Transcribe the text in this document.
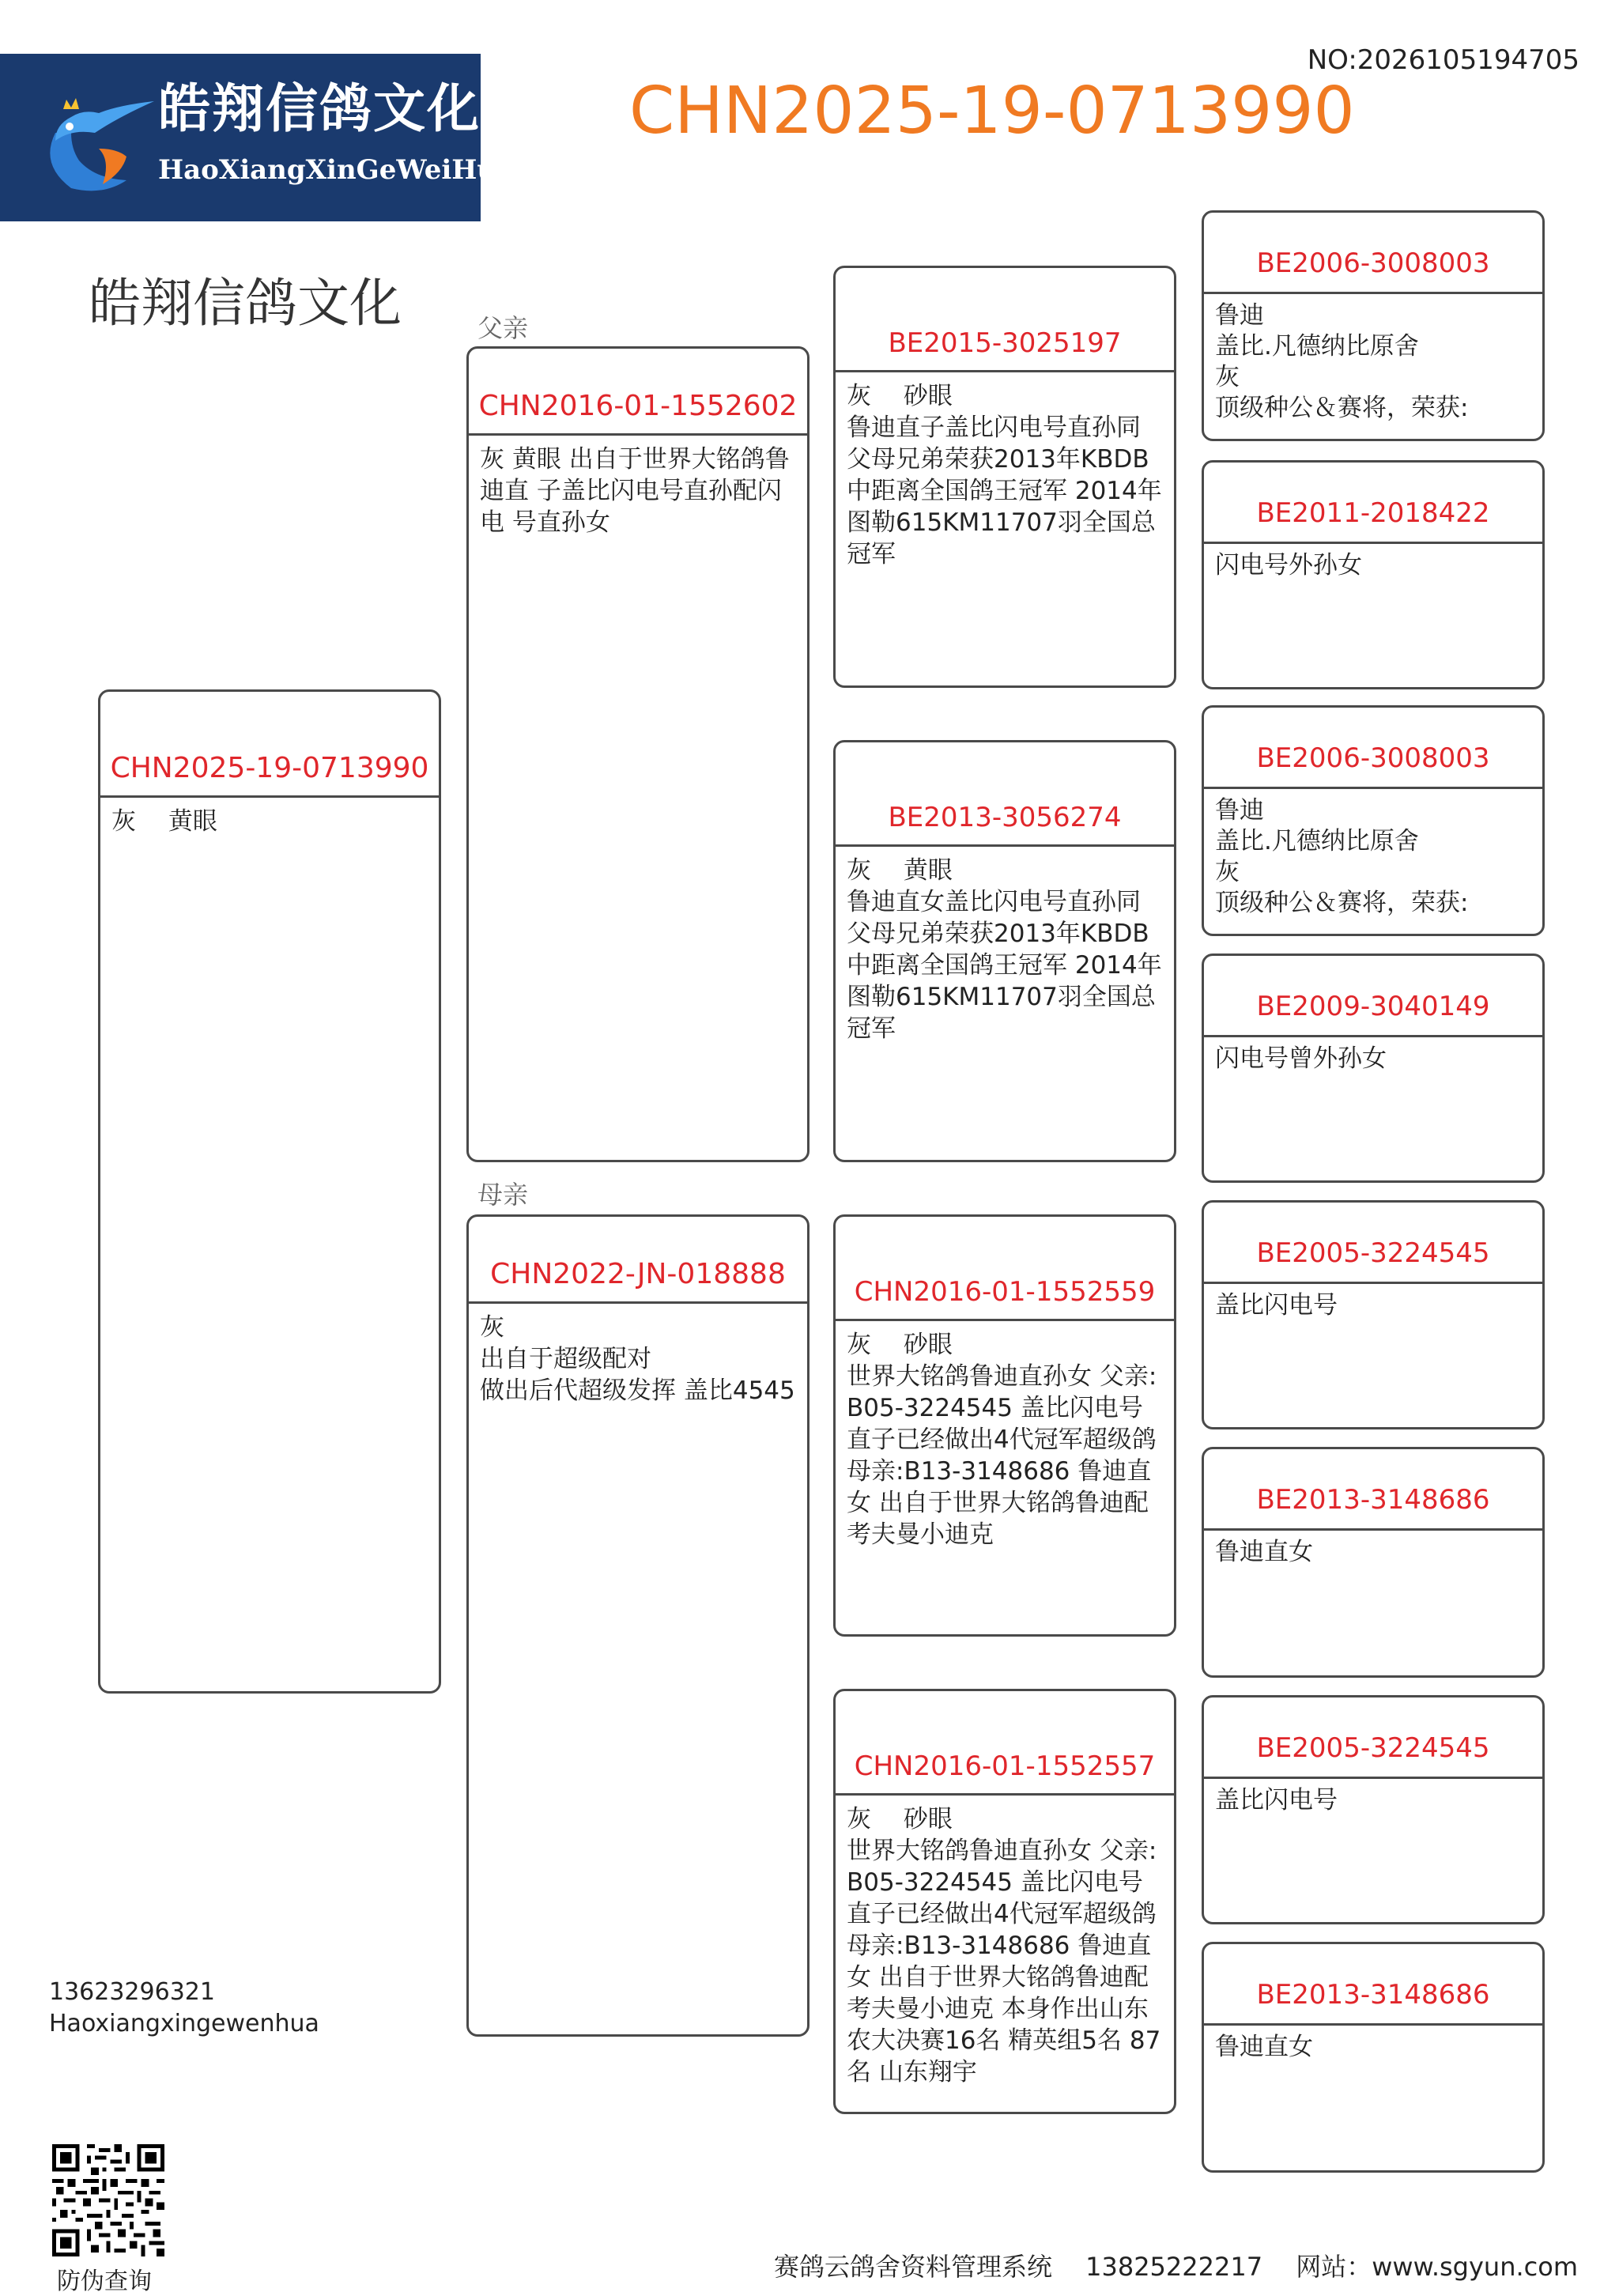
皓翔信鸽文化
HaoXiangXinGeWeiHua
NO:2026105194705
CHN2025-19-0713990
皓翔信鸽文化
CHN2025-19-0713990
灰　 黄眼
父亲
CHN2016-01-1552602
灰 黄眼 出自于世界大铭鸽鲁迪直 子盖比闪电号直孙配闪电 号直孙女
母亲
CHN2022-JN-018888
灰
出自于超级配对
做出后代超级发挥 盖比4545
BE2015-3025197
灰　 砂眼
鲁迪直子盖比闪电号直孙同父母兄弟荣获2013年KBDB中距离全国鸽王冠军 2014年图勒615KM11707羽全国总冠军
BE2013-3056274
灰　 黄眼
鲁迪直女盖比闪电号直孙同父母兄弟荣获2013年KBDB中距离全国鸽王冠军 2014年图勒615KM11707羽全国总冠军
CHN2016-01-1552559
灰　 砂眼
世界大铭鸽鲁迪直孙女 父亲:B05-3224545 盖比闪电号直子已经做出4代冠军超级鸽 母亲:B13-3148686 鲁迪直女 出自于世界大铭鸽鲁迪配考夫曼小迪克
CHN2016-01-1552557
灰　 砂眼
世界大铭鸽鲁迪直孙女 父亲:B05-3224545 盖比闪电号直子已经做出4代冠军超级鸽 母亲:B13-3148686 鲁迪直女 出自于世界大铭鸽鲁迪配考夫曼小迪克 本身作出山东农大决赛16名 精英组5名 87名 山东翔宇
BE2006-3008003
鲁迪
盖比.凡德纳比原舍
灰
顶级种公＆赛将，荣获:
BE2011-2018422
闪电号外孙女
BE2006-3008003
鲁迪
盖比.凡德纳比原舍
灰
顶级种公＆赛将，荣获:
BE2009-3040149
闪电号曾外孙女
BE2005-3224545
盖比闪电号
BE2013-3148686
鲁迪直女
BE2005-3224545
盖比闪电号
BE2013-3148686
鲁迪直女
13623296321
Haoxiangxingewenhua
防伪查询	赛鸽云鸽舍资料管理系统　 13825222217　 网站：www.sgyun.com
